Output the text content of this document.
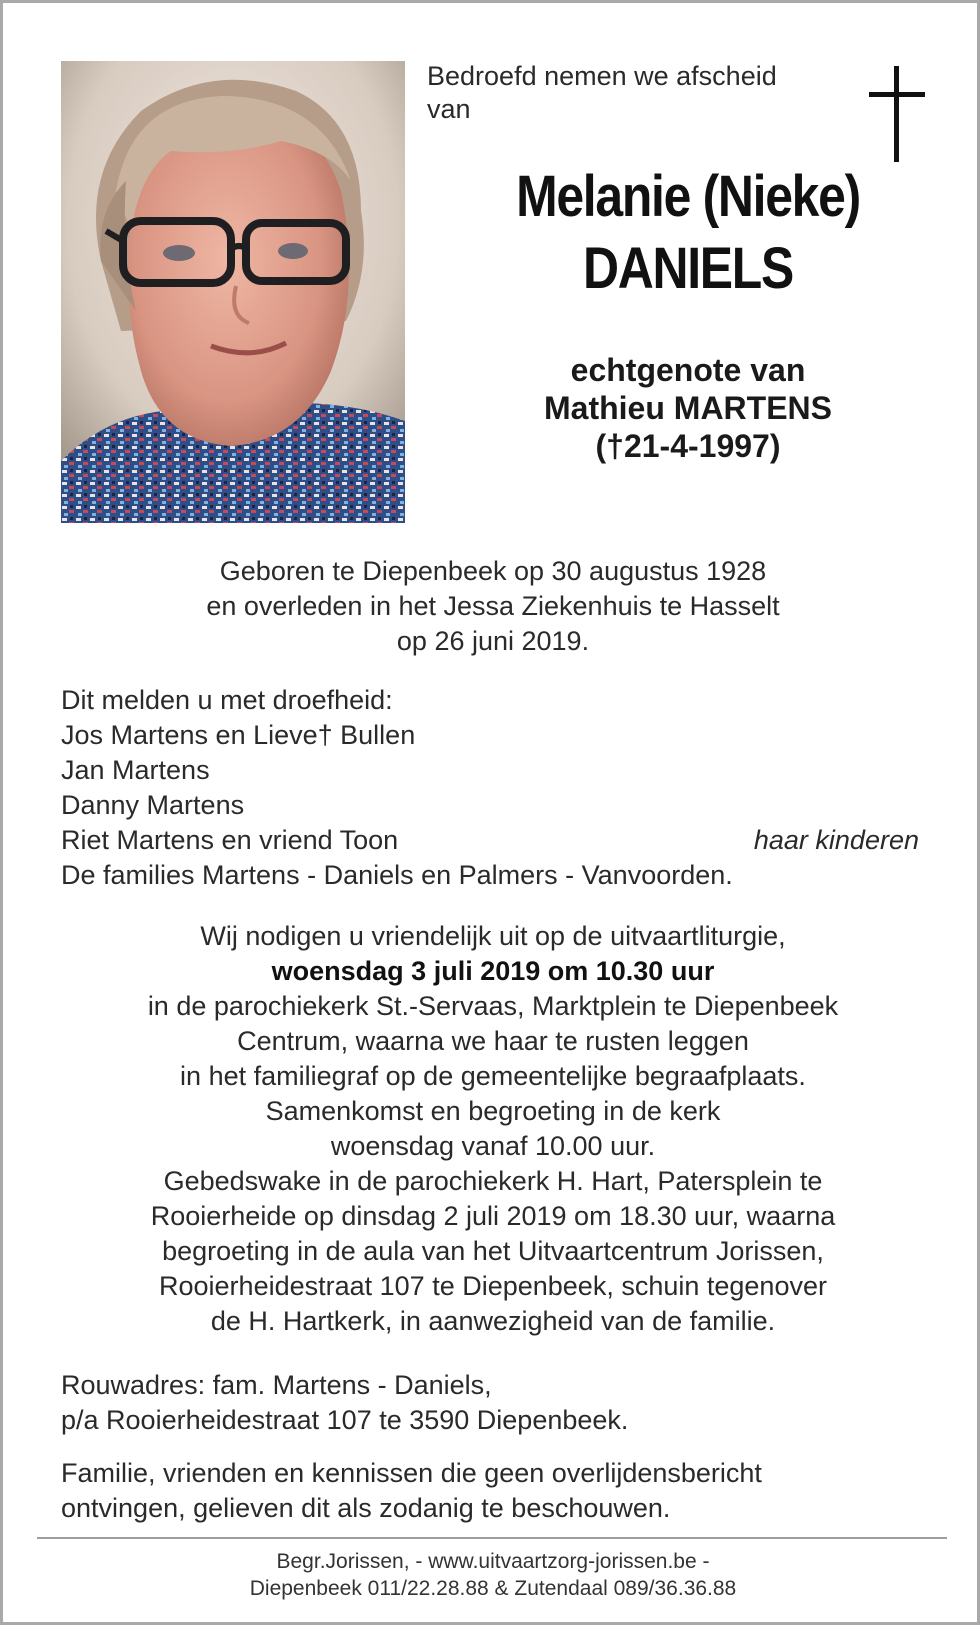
Bedroefd nemen we afscheid
van
Melanie (Nieke)
DANIELS
echtgenote van
Mathieu MARTENS
(†21-4-1997)
Geboren te Diepenbeek op 30 augustus 1928
en overleden in het Jessa Ziekenhuis te Hasselt
op 26 juni 2019.
Dit melden u met droefheid:
Jos Martens en Lieve† Bullen
Jan Martens
Danny Martens
Riet Martens en vriend Toon	haar kinderen
De families Martens - Daniels en Palmers - Vanvoorden.
Wij nodigen u vriendelijk uit op de uitvaartliturgie,
woensdag 3 juli 2019 om 10.30 uur
in de parochiekerk St.-Servaas, Marktplein te Diepenbeek
Centrum, waarna we haar te rusten leggen
in het familiegraf op de gemeentelijke begraafplaats.
Samenkomst en begroeting in de kerk
woensdag vanaf 10.00 uur.
Gebedswake in de parochiekerk H. Hart, Patersplein te
Rooierheide op dinsdag 2 juli 2019 om 18.30 uur, waarna
begroeting in de aula van het Uitvaartcentrum Jorissen,
Rooierheidestraat 107 te Diepenbeek, schuin tegenover
de H. Hartkerk, in aanwezigheid van de familie.
Rouwadres: fam. Martens - Daniels,
p/a Rooierheidestraat 107 te 3590 Diepenbeek.
Familie, vrienden en kennissen die geen overlijdensbericht
ontvingen, gelieven dit als zodanig te beschouwen.
Begr.Jorissen, - www.uitvaartzorg-jorissen.be -
Diepenbeek 011/22.28.88 & Zutendaal 089/36.36.88
